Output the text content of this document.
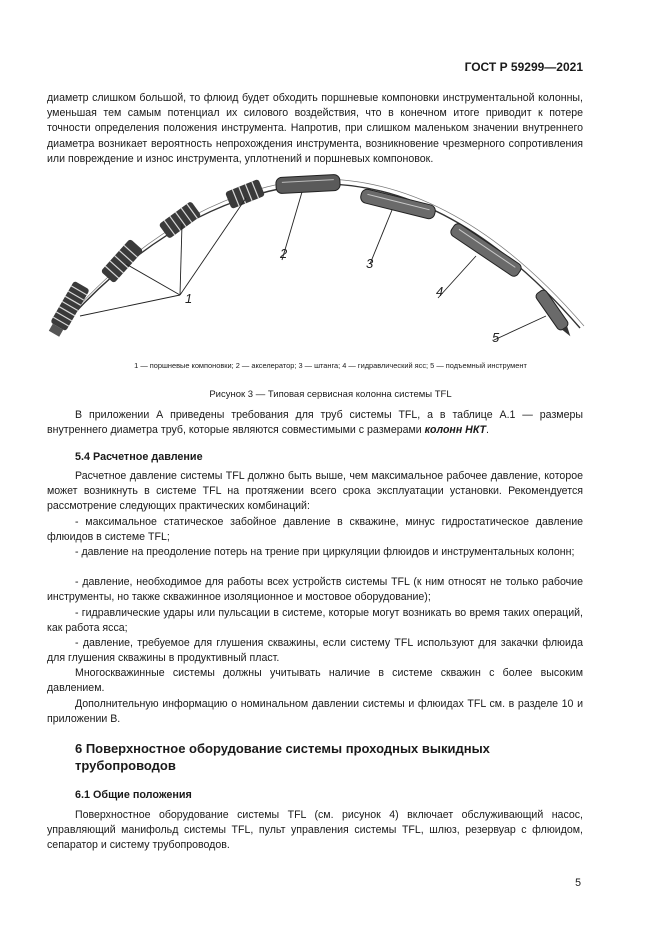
ГОСТ Р 59299—2021

диаметр слишком большой, то флюид будет обходить поршневые компоновки инструментальной колонны, уменьшая тем самым потенциал их силового воздействия, что в конечном итоге приводит к потере точности определения положения инструмента. Напротив, при слишком маленьком значении внутреннего диаметра возникает вероятность непрохождения инструмента, возникновение чрезмерного сопротивления или повреждение и износ инструмента, уплотнений и поршневых компоновок.

1
2
3
4
5
1 — поршневые компоновки; 2 — акселератор; 3 — штанга; 4 — гидравлический ясс; 5 — подъемный инструмент
Рисунок 3 — Типовая сервисная колонна системы TFL

В приложении А приведены требования для труб системы TFL, а в таблице А.1 — размеры внутреннего диаметра труб, которые являются совместимыми с размерами колонн НКТ.

5.4 Расчетное давление

Расчетное давление системы TFL должно быть выше, чем максимальное рабочее давление, которое может возникнуть в системе TFL на протяжении всего срока эксплуатации установки. Рекомендуется рассмотрение следующих практических комбинаций:

- максимальное статическое забойное давление в скважине, минус гидростатическое давление флюидов в системе TFL;

- давление на преодоление потерь на трение при циркуляции флюидов и инструментальных колонн;

- давление, необходимое для работы всех устройств системы TFL (к ним относят не только рабочие инструменты, но также скважинное изоляционное и мостовое оборудование);

- гидравлические удары или пульсации в системе, которые могут возникать во время таких операций, как работа ясса;

- давление, требуемое для глушения скважины, если систему TFL используют для закачки флюида для глушения скважины в продуктивный пласт.

Многоскважинные системы должны учитывать наличие в системе скважин с более высоким давлением.

Дополнительную информацию о номинальном давлении системы и флюидах TFL см. в разделе 10 и приложении В.

6 Поверхностное оборудование системы проходных выкидных трубопроводов
6.1 Общие положения

Поверхностное оборудование системы TFL (см. рисунок 4) включает обслуживающий насос, управляющий манифольд системы TFL, пульт управления системы TFL, шлюз, резервуар с флюидом, сепаратор и систему трубопроводов.

5
